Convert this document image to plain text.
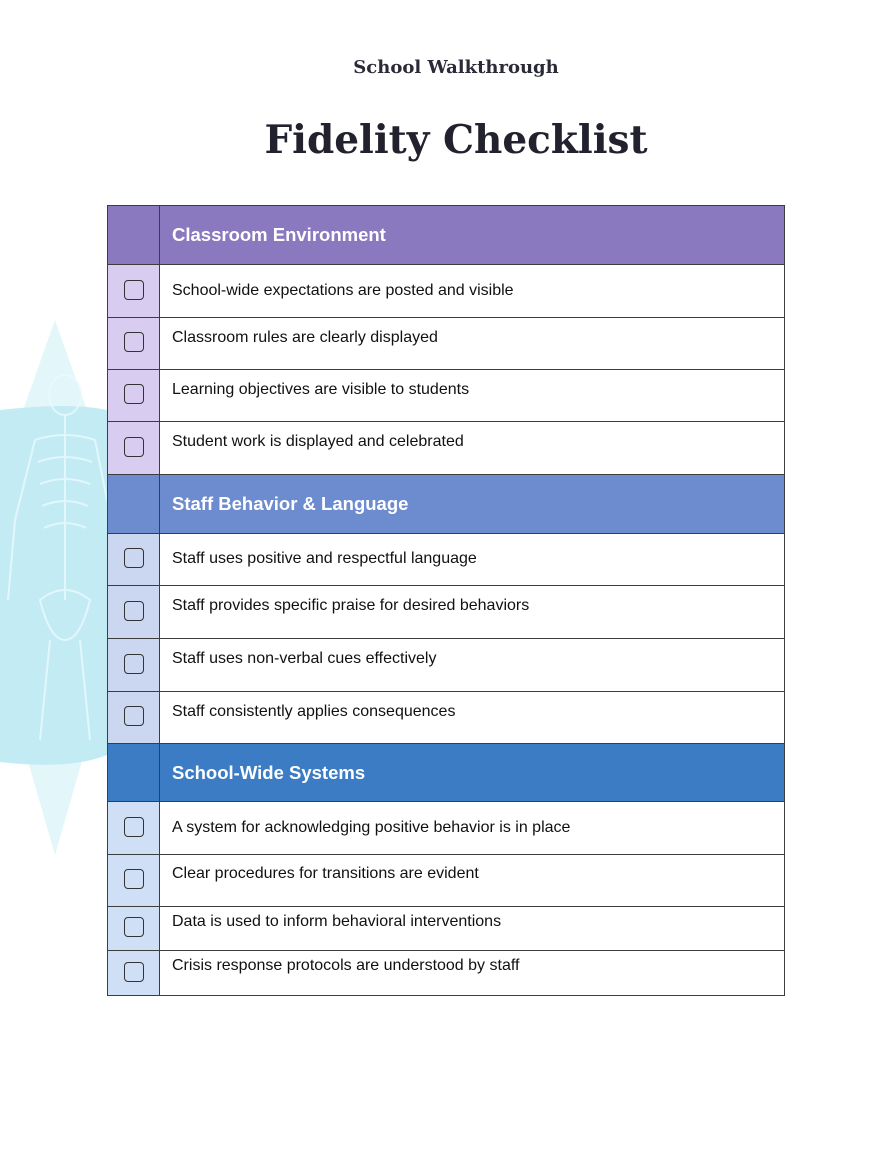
School Walkthrough
Fidelity Checklist
	Classroom Environment

	School-wide expectations are posted and visible

	Classroom rules are clearly displayed

	Learning objectives are visible to students

	Student work is displayed and celebrated

	Staff Behavior & Language

	Staff uses positive and respectful language

	Staff provides specific praise for desired behaviors

	Staff uses non-verbal cues effectively

	Staff consistently applies consequences

	School-Wide Systems

	A system for acknowledging positive behavior is in place

	Clear procedures for transitions are evident

	Data is used to inform behavioral interventions

	Crisis response protocols are understood by staff
